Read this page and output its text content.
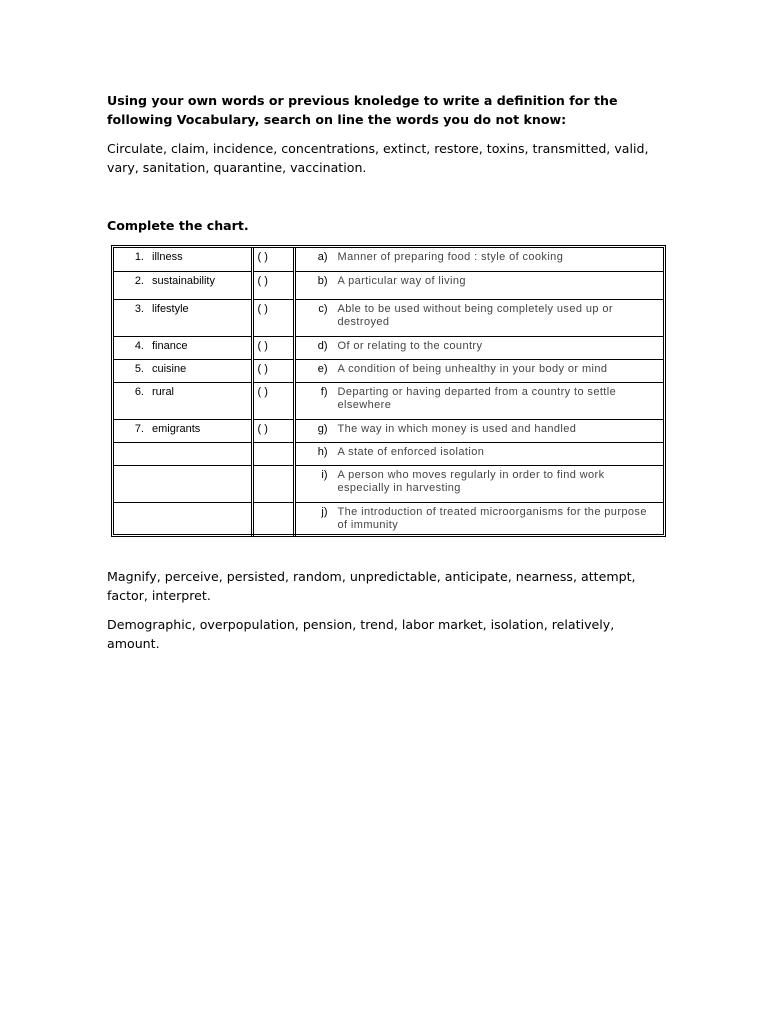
Using your own words or previous knoledge to write a definition for the following Vocabulary, search on line the words you do not know:
Circulate, claim, incidence, concentrations, extinct, restore, toxins, transmitted, valid, vary, sanitation, quarantine, vaccination.
Complete the chart.
1. illness	( )	a) Manner of preparing food : style of cooking
2. sustainability	( )	b) A particular way of living
3. lifestyle	( )	c) Able to be used without being completely used up or destroyed
4. finance	( )	d) Of or relating to the country
5. cuisine	( )	e) A condition of being unhealthy in your body or mind
6. rural	( )	f) Departing or having departed from a country to settle elsewhere
7. emigrants	( )	g) The way in which money is used and handled
		h) A state of enforced isolation
		i) A person who moves regularly in order to find work especially in harvesting
		j) The introduction of treated microorganisms for the purpose of immunity
Magnify, perceive, persisted, random, unpredictable, anticipate, nearness, attempt, factor, interpret.
Demographic, overpopulation, pension, trend, labor market, isolation, relatively, amount.
